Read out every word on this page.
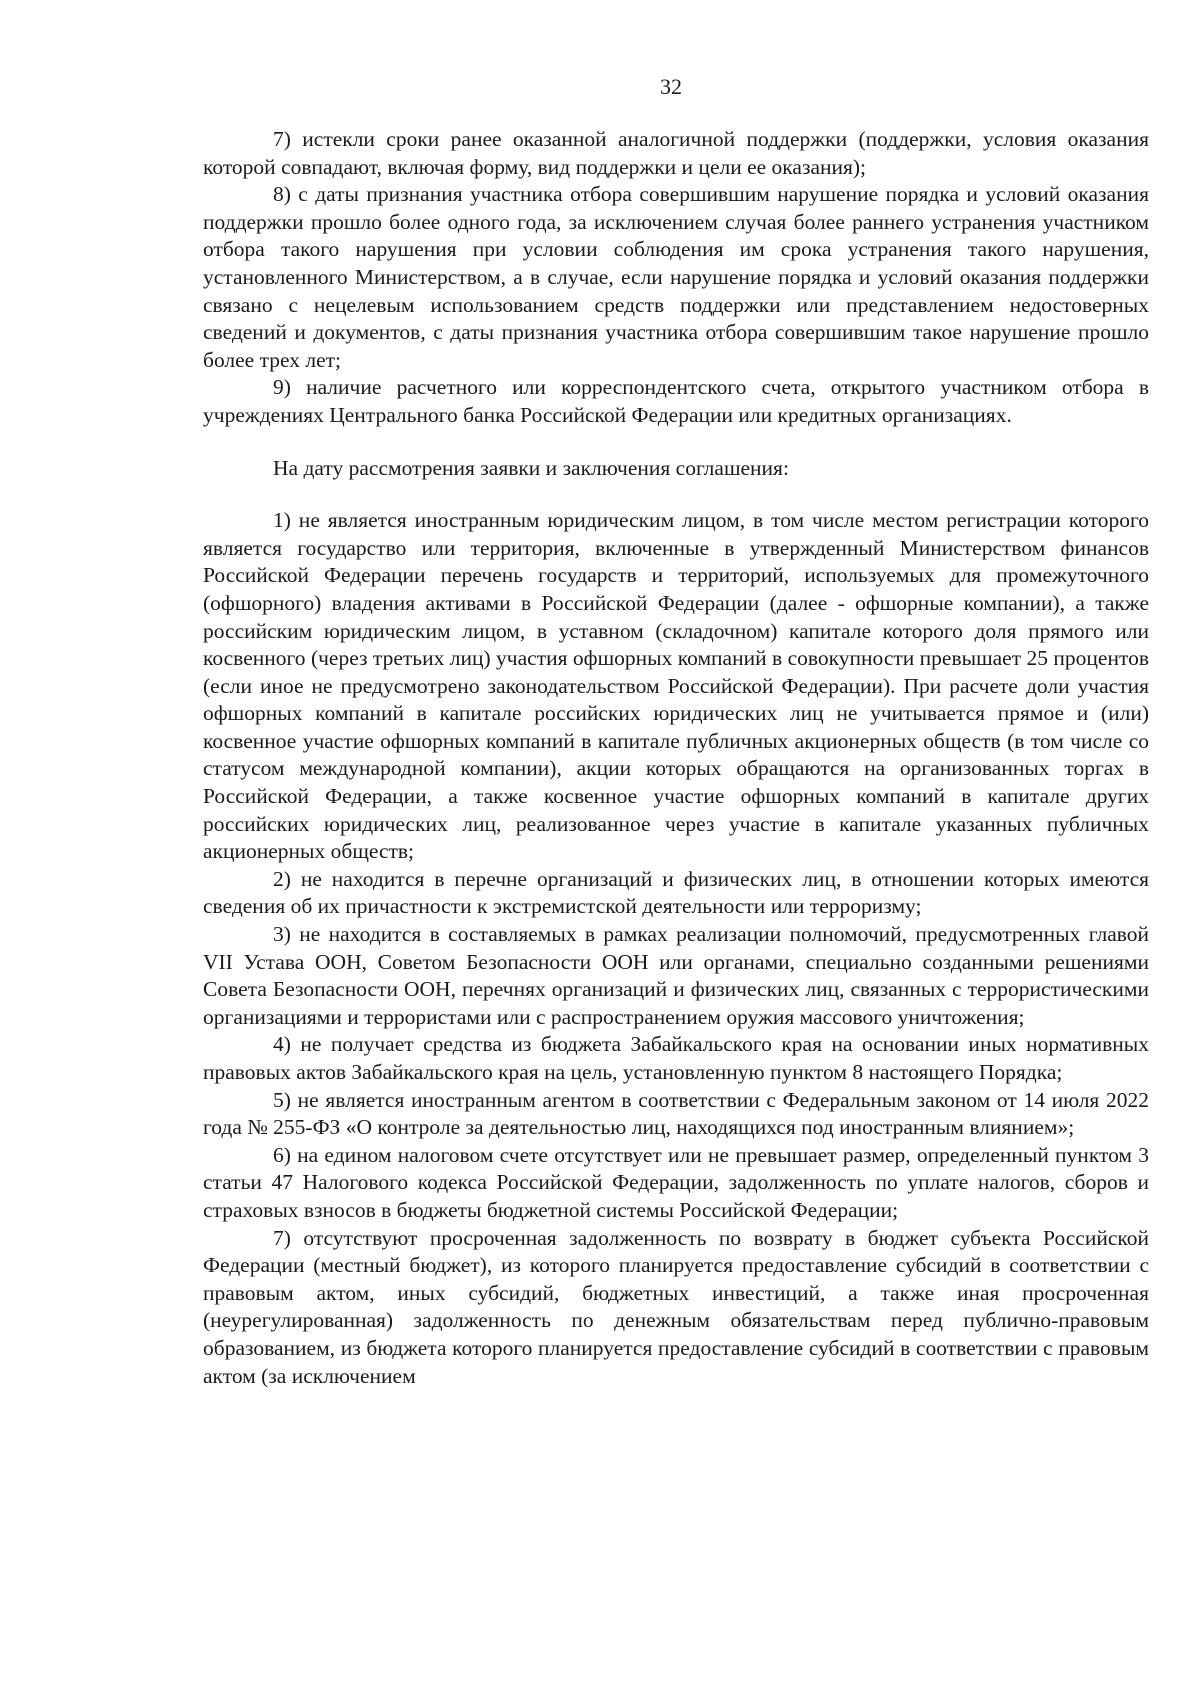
32

7) истекли сроки ранее оказанной аналогичной поддержки (поддержки, условия оказания которой совпадают, включая форму, вид поддержки и цели ее оказания);

8) с даты признания участника отбора совершившим нарушение порядка и условий оказания поддержки прошло более одного года, за исключением случая более раннего устранения участником отбора такого нарушения при условии соблюдения им срока устранения такого нарушения, установленного Министерством, а в случае, если нарушение порядка и условий оказания поддержки связано с нецелевым использованием средств поддержки или представлением недостоверных сведений и документов, с даты признания участника отбора совершившим такое нарушение прошло более трех лет;

9) наличие расчетного или корреспондентского счета, открытого участником отбора в учреждениях Центрального банка Российской Федерации или кредитных организациях.

На дату рассмотрения заявки и заключения соглашения:

1) не является иностранным юридическим лицом, в том числе местом регистрации которого является государство или территория, включенные в утвержденный Министерством финансов Российской Федерации перечень государств и территорий, используемых для промежуточного (офшорного) владения активами в Российской Федерации (далее - офшорные компании), а также российским юридическим лицом, в уставном (складочном) капитале которого доля прямого или косвенного (через третьих лиц) участия офшорных компаний в совокупности превышает 25 процентов (если иное не предусмотрено законодательством Российской Федерации). При расчете доли участия офшорных компаний в капитале российских юридических лиц не учитывается прямое и (или) косвенное участие офшорных компаний в капитале публичных акционерных обществ (в том числе со статусом международной компании), акции которых обращаются на организованных торгах в Российской Федерации, а также косвенное участие офшорных компаний в капитале других российских юридических лиц, реализованное через участие в капитале указанных публичных акционерных обществ;

2) не находится в перечне организаций и физических лиц, в отношении которых имеются сведения об их причастности к экстремистской деятельности или терроризму;

3) не находится в составляемых в рамках реализации полномочий, предусмотренных главой VII Устава ООН, Советом Безопасности ООН или органами, специально созданными решениями Совета Безопасности ООН, перечнях организаций и физических лиц, связанных с террористическими организациями и террористами или с распространением оружия массового уничтожения;

4) не получает средства из бюджета Забайкальского края на основании иных нормативных правовых актов Забайкальского края на цель, установленную пунктом 8 настоящего Порядка;

5) не является иностранным агентом в соответствии с Федеральным законом от 14 июля 2022 года № 255-ФЗ «О контроле за деятельностью лиц, находящихся под иностранным влиянием»;

6) на едином налоговом счете отсутствует или не превышает размер, определенный пунктом 3 статьи 47 Налогового кодекса Российской Федерации, задолженность по уплате налогов, сборов и страховых взносов в бюджеты бюджетной системы Российской Федерации;

7) отсутствуют просроченная задолженность по возврату в бюджет субъекта Российской Федерации (местный бюджет), из которого планируется предоставление субсидий в соответствии с правовым актом, иных субсидий, бюджетных инвестиций, а также иная просроченная (неурегулированная) задолженность по денежным обязательствам перед публично-правовым образованием, из бюджета которого планируется предоставление субсидий в соответствии с правовым актом (за исключением
